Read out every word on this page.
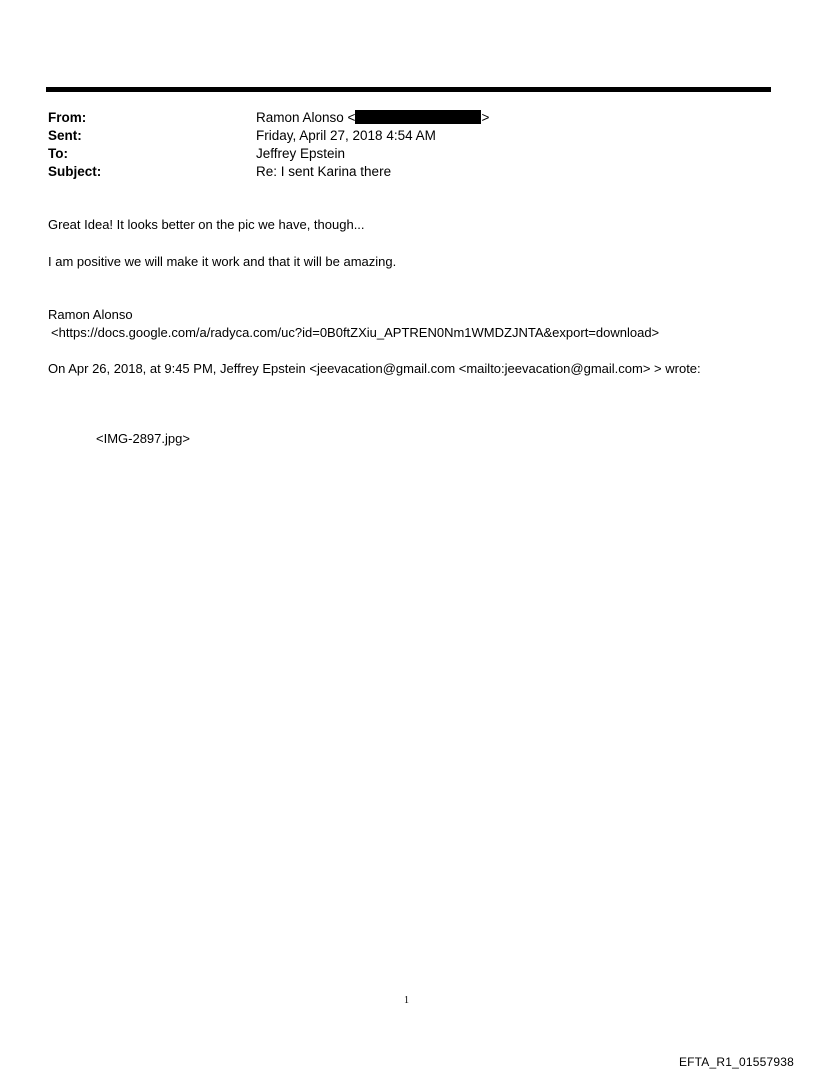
From:	Ramon Alonso <	>
Sent:	Friday, April 27, 2018 4:54 AM
To:	Jeffrey Epstein
Subject:	Re: I sent Karina there
Great Idea! It looks better on the pic we have, though...
I am positive we will make it work and that it will be amazing.
Ramon Alonso
<https://docs.google.com/a/radyca.com/uc?id=0B0ftZXiu_APTREN0Nm1WMDZJNTA&export=download>
On Apr 26, 2018, at 9:45 PM, Jeffrey Epstein <jeevacation@gmail.com <mailto:jeevacation@gmail.com> > wrote:
<IMG-2897.jpg>
1
EFTA_R1_01557938
